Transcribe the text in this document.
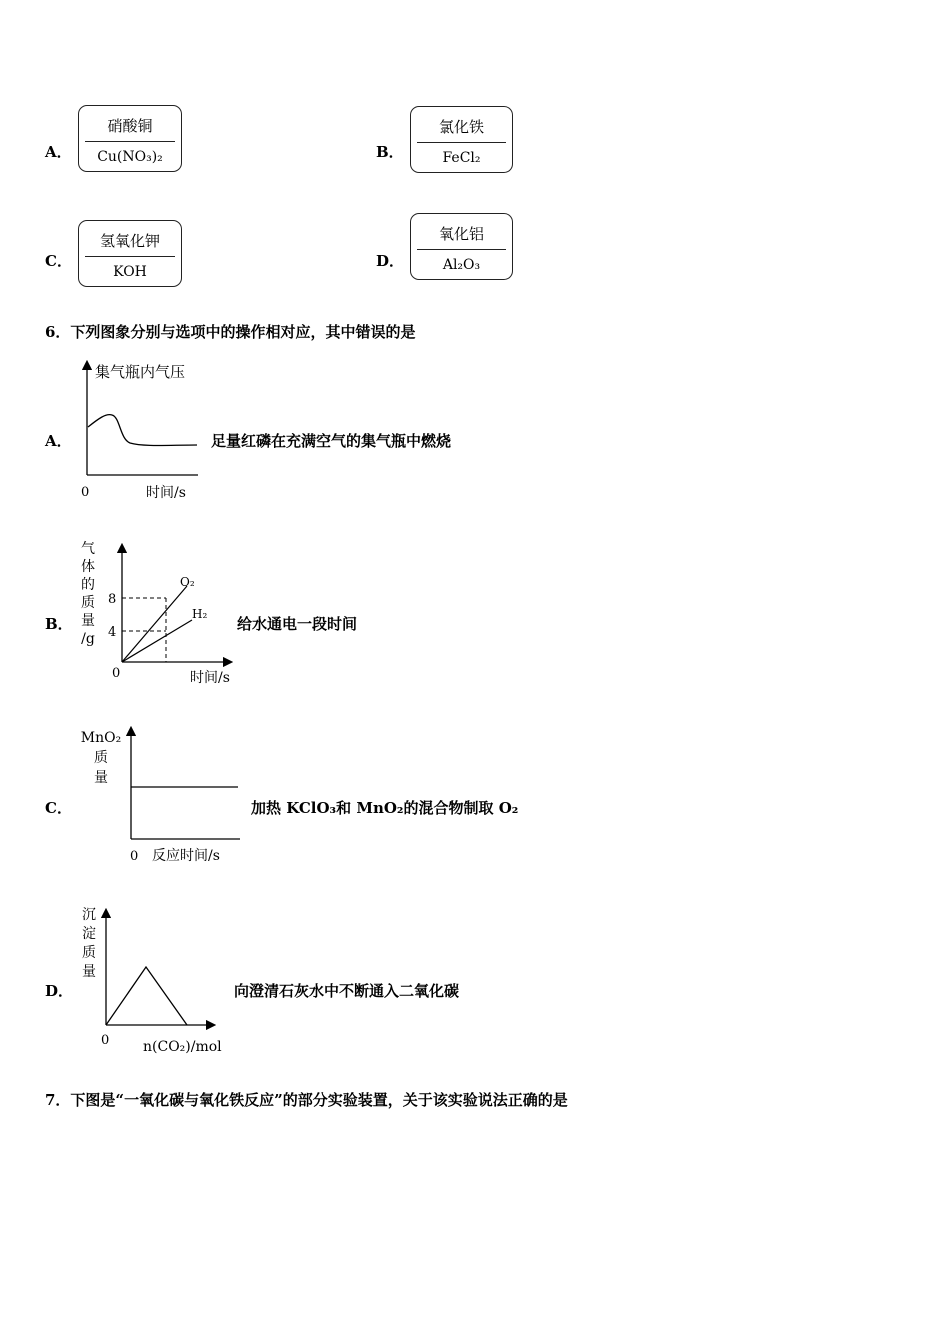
A．
硝酸铜
Cu(NO₃)₂	B．
氯化铁
FeCl₂
C．
氢氧化钾
KOH
D．
氧化铝
Al₂O₃
6．下列图象分别与选项中的操作相对应，其中错误的是
A．
集气瓶内气压
0	时间/s
足量红磷在充满空气的集气瓶中燃烧
B．
气
体
的
质
量
/g
8
4
O₂
H₂
0	时间/s
给水通电一段时间
C．
MnO₂
质
量
0 反应时间/s
加热 KClO₃和 MnO₂的混合物制取 O₂
D．
沉
淀
质
量
0 n(CO₂)/mol
向澄清石灰水中不断通入二氧化碳
7．下图是“一氧化碳与氧化铁反应”的部分实验装置，关于该实验说法正确的是
